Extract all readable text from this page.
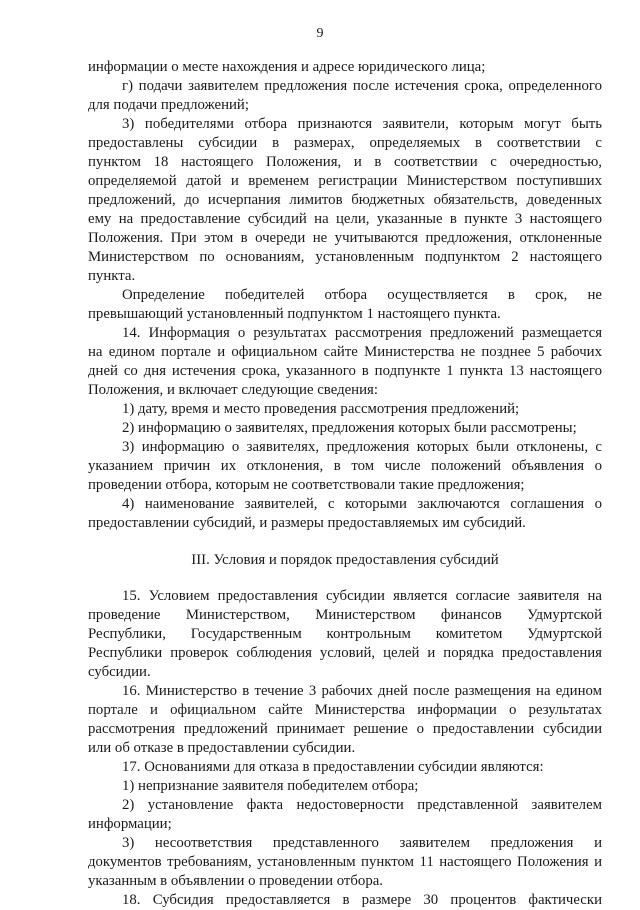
9
информации о месте нахождения и адресе юридического лица;
г) подачи заявителем предложения после истечения срока, определенного
для подачи предложений;
3) победителями отбора признаются заявители, которым могут быть
предоставлены субсидии в размерах, определяемых в соответствии с
пунктом 18 настоящего Положения, и в соответствии с очередностью,
определяемой датой и временем регистрации Министерством поступивших
предложений, до исчерпания лимитов бюджетных обязательств, доведенных
ему на предоставление субсидий на цели, указанные в пункте 3 настоящего
Положения. При этом в очереди не учитываются предложения, отклоненные
Министерством по основаниям, установленным подпунктом 2 настоящего
пункта.
Определение победителей отбора осуществляется в срок, не
превышающий установленный подпунктом 1 настоящего пункта.
14. Информация о результатах рассмотрения предложений размещается
на едином портале и официальном сайте Министерства не позднее 5 рабочих
дней со дня истечения срока, указанного в подпункте 1 пункта 13 настоящего
Положения, и включает следующие сведения:
1) дату, время и место проведения рассмотрения предложений;
2) информацию о заявителях, предложения которых были рассмотрены;
3) информацию о заявителях, предложения которых были отклонены, с
указанием причин их отклонения, в том числе положений объявления о
проведении отбора, которым не соответствовали такие предложения;
4) наименование заявителей, с которыми заключаются соглашения о
предоставлении субсидий, и размеры предоставляемых им субсидий.
III. Условия и порядок предоставления субсидий
15. Условием предоставления субсидии является согласие заявителя на
проведение Министерством, Министерством финансов Удмуртской
Республики, Государственным контрольным комитетом Удмуртской
Республики проверок соблюдения условий, целей и порядка предоставления
субсидии.
16. Министерство в течение 3 рабочих дней после размещения на едином
портале и официальном сайте Министерства информации о результатах
рассмотрения предложений принимает решение о предоставлении субсидии
или об отказе в предоставлении субсидии.
17. Основаниями для отказа в предоставлении субсидии являются:
1) непризнание заявителя победителем отбора;
2) установление факта недостоверности представленной заявителем
информации;
3) несоответствия представленного заявителем предложения и
документов требованиям, установленным пунктом 11 настоящего Положения и
указанным в объявлении о проведении отбора.
18. Субсидия предоставляется в размере 30 процентов фактически
